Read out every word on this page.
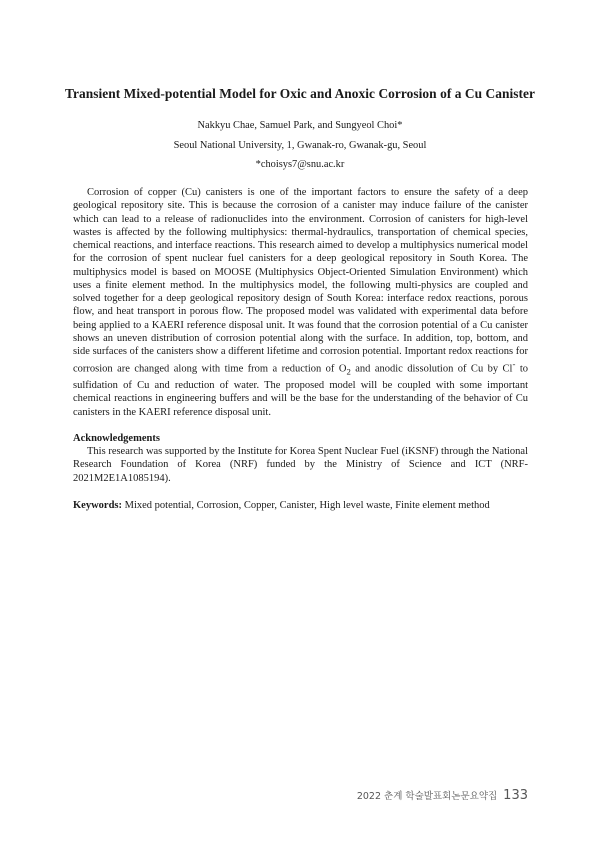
Transient Mixed-potential Model for Oxic and Anoxic Corrosion of a Cu Canister
Nakkyu Chae, Samuel Park, and Sungyeol Choi*
Seoul National University, 1, Gwanak-ro, Gwanak-gu, Seoul
*choisys7@snu.ac.kr

Corrosion of copper (Cu) canisters is one of the important factors to ensure the safety of a deep geological repository site. This is because the corrosion of a canister may induce failure of the canister which can lead to a release of radionuclides into the environment. Corrosion of canisters for high-level wastes is affected by the following multiphysics: thermal-hydraulics, transportation of chemical species, chemical reactions, and interface reactions. This research aimed to develop a multiphysics numerical model for the corrosion of spent nuclear fuel canisters for a deep geological repository in South Korea. The multiphysics model is based on MOOSE (Multiphysics Object-Oriented Simulation Environment) which uses a finite element method. In the multiphysics model, the following multi-physics are coupled and solved together for a deep geological repository design of South Korea: interface redox reactions, porous flow, and heat transport in porous flow. The proposed model was validated with experimental data before being applied to a KAERI reference disposal unit. It was found that the corrosion potential of a Cu canister shows an uneven distribution of corrosion potential along with the surface. In addition, top, bottom, and side surfaces of the canisters show a different lifetime and corrosion potential. Important redox reactions for corrosion are changed along with time from a reduction of $O_2$ and anodic dissolution of Cu by Cl- to sulfidation of Cu and reduction of water. The proposed model will be coupled with some important chemical reactions in engineering buffers and will be the base for the understanding of the behavior of Cu canisters in the KAERI reference disposal unit.

Acknowledgements

This research was supported by the Institute for Korea Spent Nuclear Fuel (iKSNF) through the National Research Foundation of Korea (NRF) funded by the Ministry of Science and ICT (NRF-2021M2E1A1085194).

Keywords: Mixed potential, Corrosion, Copper, Canister, High level waste, Finite element method

2022 춘계 학술발표회논문요약집 133
